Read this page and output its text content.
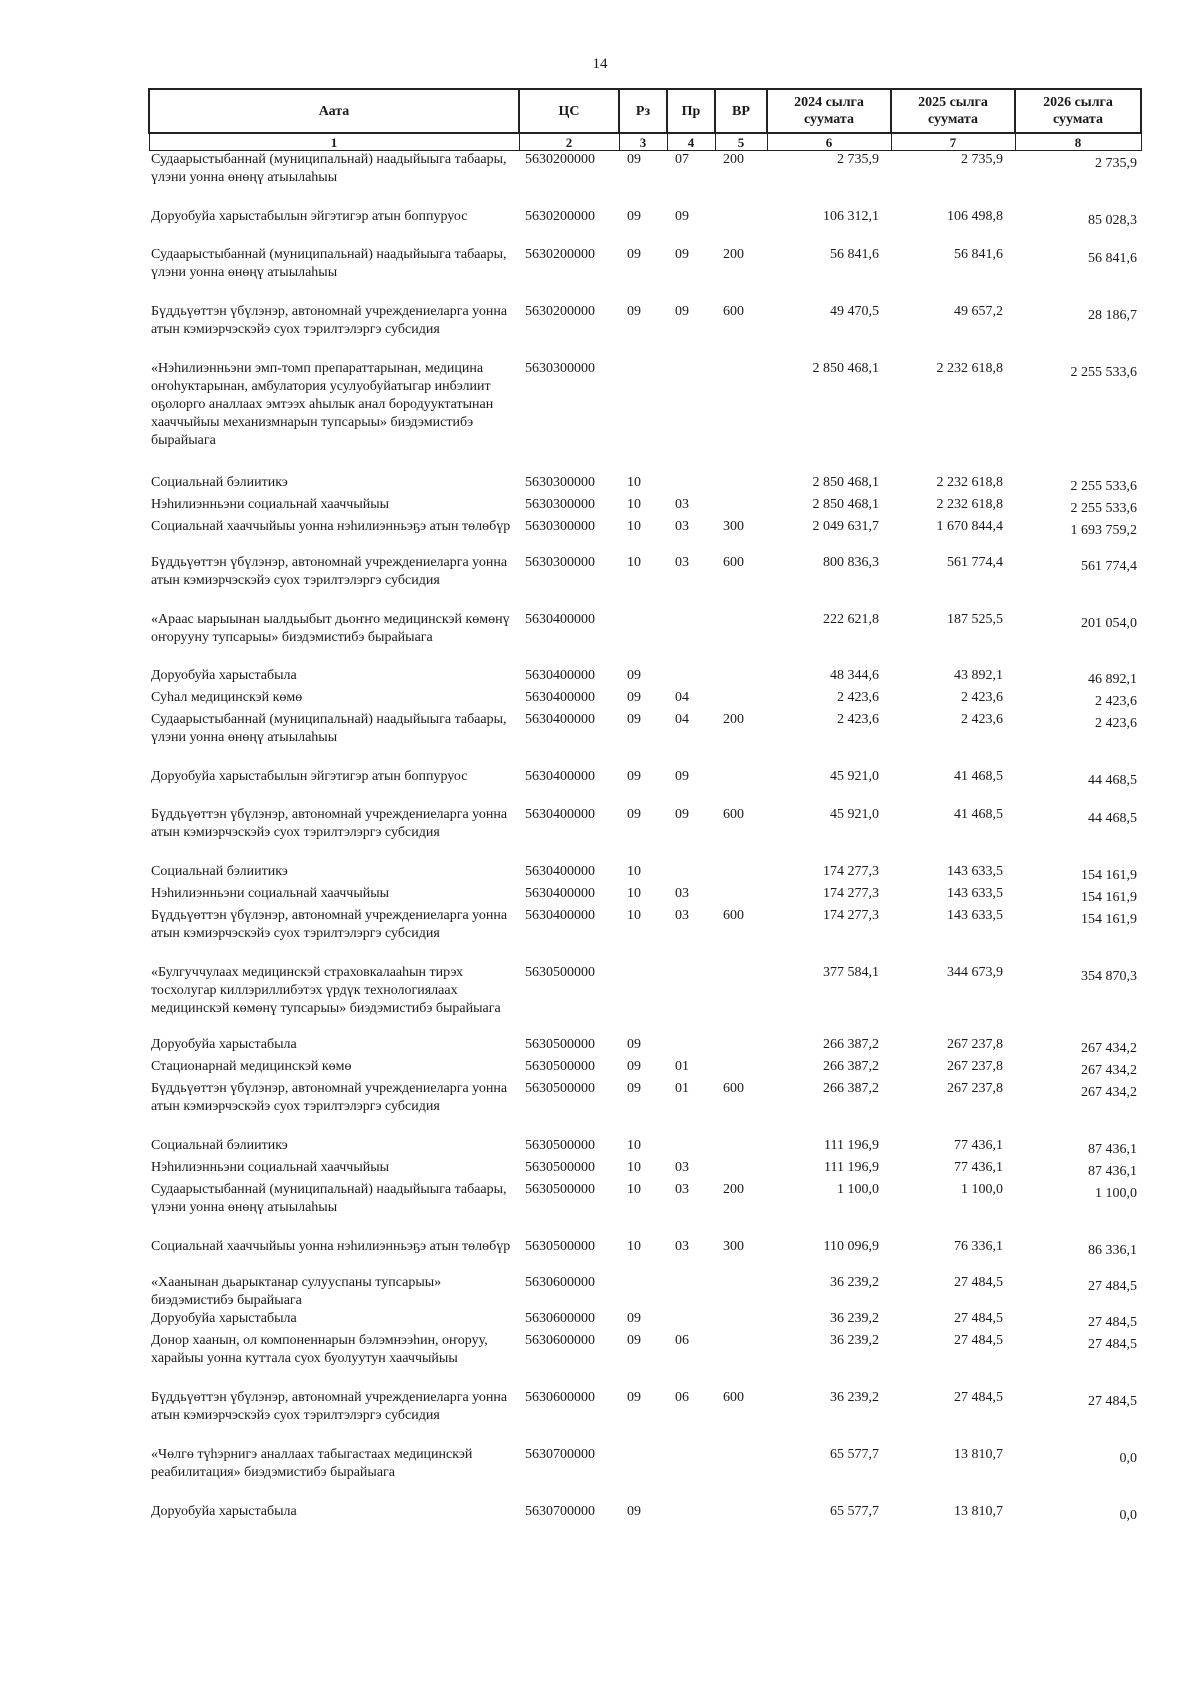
14
Аата	ЦС	Рз	Пр	ВР	2024 сылга суумата	2025 сылга суумата	2026 сылга суумата
1	2	3	4	5	6	7	8
Судаарыстыбаннай (муниципальнай) наадыйыыга табаары, үлэни уонна өнөңү атыылаһыы	5630200000	09	07	200	2 735,9	2 735,9	2 735,9
Доруобуйа харыстабылын эйгэтигэр атын боппуруос	5630200000	09	09		106 312,1	106 498,8	85 028,3
Судаарыстыбаннай (муниципальнай) наадыйыыга табаары, үлэни уонна өнөңү атыылаһыы	5630200000	09	09	200	56 841,6	56 841,6	56 841,6
Бүддьүөттэн үбүлэнэр, автономнай учреждениеларга уонна атын кэмиэрчэскэйэ суох тэрилтэлэргэ субсидия	5630200000	09	09	600	49 470,5	49 657,2	28 186,7
«Нэһилиэнньэни эмп-томп препараттарынан, медицина оҥоһуктарынан, амбулатория усулуобуйатыгар инбэлиит оҕолорго аналлаах эмтээх аһылык анал бородууктатынан хааччыйыы механизмнарын тупсарыы» биэдэмистибэ бырайыага	5630300000				2 850 468,1	2 232 618,8	2 255 533,6
Социальнай бэлиитикэ	5630300000	10			2 850 468,1	2 232 618,8	2 255 533,6
Нэһилиэнньэни социальнай хааччыйыы	5630300000	10	03		2 850 468,1	2 232 618,8	2 255 533,6
Социальнай хааччыйыы уонна нэһилиэнньэҕэ атын төлөбүр	5630300000	10	03	300	2 049 631,7	1 670 844,4	1 693 759,2
Бүддьүөттэн үбүлэнэр, автономнай учреждениеларга уонна атын кэмиэрчэскэйэ суох тэрилтэлэргэ субсидия	5630300000	10	03	600	800 836,3	561 774,4	561 774,4
«Араас ыарыынан ыалдьыбыт дьоҥҥо медицинскэй көмөнү оҥорууну тупсарыы» биэдэмистибэ бырайыага	5630400000				222 621,8	187 525,5	201 054,0
Доруобуйа харыстабыла	5630400000	09			48 344,6	43 892,1	46 892,1
Суһал медицинскэй көмө	5630400000	09	04		2 423,6	2 423,6	2 423,6
Судаарыстыбаннай (муниципальнай) наадыйыыга табаары, үлэни уонна өнөңү атыылаһыы	5630400000	09	04	200	2 423,6	2 423,6	2 423,6
Доруобуйа харыстабылын эйгэтигэр атын боппуруос	5630400000	09	09		45 921,0	41 468,5	44 468,5
Бүддьүөттэн үбүлэнэр, автономнай учреждениеларга уонна атын кэмиэрчэскэйэ суох тэрилтэлэргэ субсидия	5630400000	09	09	600	45 921,0	41 468,5	44 468,5
Социальнай бэлиитикэ	5630400000	10			174 277,3	143 633,5	154 161,9
Нэһилиэнньэни социальнай хааччыйыы	5630400000	10	03		174 277,3	143 633,5	154 161,9
Бүддьүөттэн үбүлэнэр, автономнай учреждениеларга уонна атын кэмиэрчэскэйэ суох тэрилтэлэргэ субсидия	5630400000	10	03	600	174 277,3	143 633,5	154 161,9
«Булгуччулаах медицинскэй страховкалааһын тирэх тосхолугар киллэриллибэтэх үрдүк технологиялаах медицинскэй көмөнү тупсарыы» биэдэмистибэ бырайыага	5630500000				377 584,1	344 673,9	354 870,3
Доруобуйа харыстабыла	5630500000	09			266 387,2	267 237,8	267 434,2
Стационарнай медицинскэй көмө	5630500000	09	01		266 387,2	267 237,8	267 434,2
Бүддьүөттэн үбүлэнэр, автономнай учреждениеларга уонна атын кэмиэрчэскэйэ суох тэрилтэлэргэ субсидия	5630500000	09	01	600	266 387,2	267 237,8	267 434,2
Социальнай бэлиитикэ	5630500000	10			111 196,9	77 436,1	87 436,1
Нэһилиэнньэни социальнай хааччыйыы	5630500000	10	03		111 196,9	77 436,1	87 436,1
Судаарыстыбаннай (муниципальнай) наадыйыыга табаары, үлэни уонна өнөңү атыылаһыы	5630500000	10	03	200	1 100,0	1 100,0	1 100,0
Социальнай хааччыйыы уонна нэһилиэнньэҕэ атын төлөбүр	5630500000	10	03	300	110 096,9	76 336,1	86 336,1
«Хаанынан дьарыктанар сулууспаны тупсарыы» биэдэмистибэ бырайыага	5630600000				36 239,2	27 484,5	27 484,5
Доруобуйа харыстабыла	5630600000	09			36 239,2	27 484,5	27 484,5
Донор хаанын, ол компоненнарын бэлэмнээһин, оҥоруу, харайыы уонна куттала суох буолуутун хааччыйыы	5630600000	09	06		36 239,2	27 484,5	27 484,5
Бүддьүөттэн үбүлэнэр, автономнай учреждениеларга уонна атын кэмиэрчэскэйэ суох тэрилтэлэргэ субсидия	5630600000	09	06	600	36 239,2	27 484,5	27 484,5
«Чөлгө түһэрнигэ аналлаах табыгастаах медицинскэй реабилитация» биэдэмистибэ бырайыага	5630700000				65 577,7	13 810,7	0,0
Доруобуйа харыстабыла	5630700000	09			65 577,7	13 810,7	0,0
